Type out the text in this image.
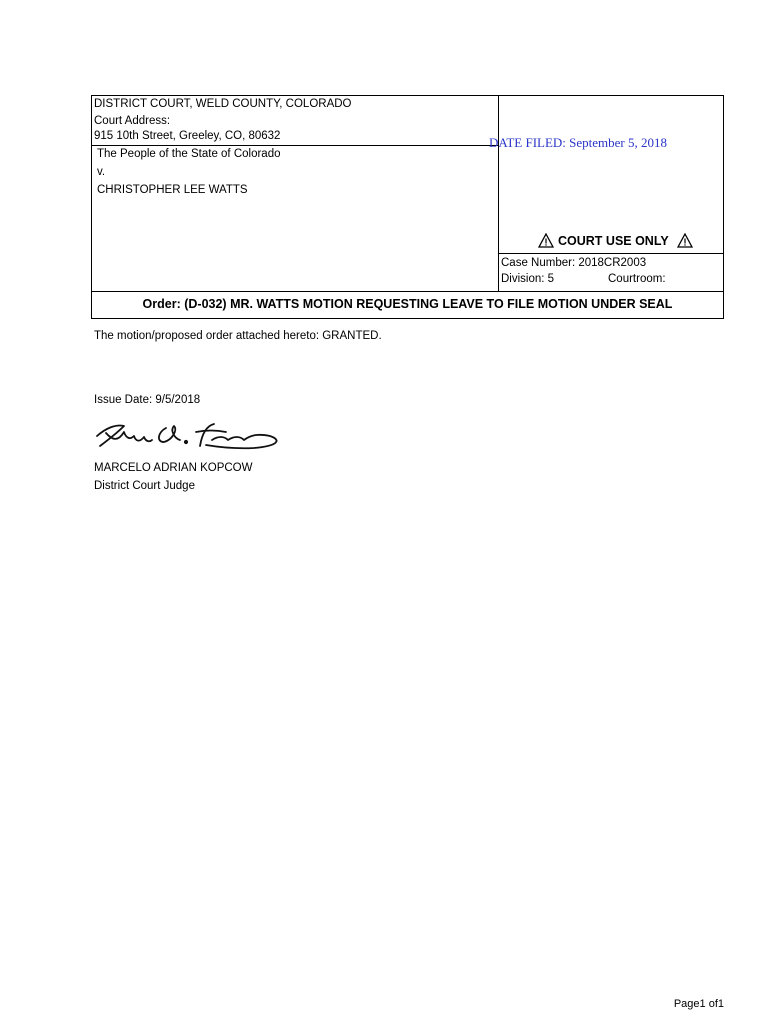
DISTRICT COURT, WELD COUNTY, COLORADO
Court Address:
915 10th Street, Greeley, CO, 80632
The People of the State of Colorado
v.
CHRISTOPHER LEE WATTS
DATE FILED: September 5, 2018
COURT USE ONLY
Case Number: 2018CR2003
Division: 5	Courtroom:
Order: (D-032) MR. WATTS MOTION REQUESTING LEAVE TO FILE MOTION UNDER SEAL
The motion/proposed order attached hereto: GRANTED.
Issue Date: 9/5/2018
MARCELO ADRIAN KOPCOW
District Court Judge
Page1 of1
